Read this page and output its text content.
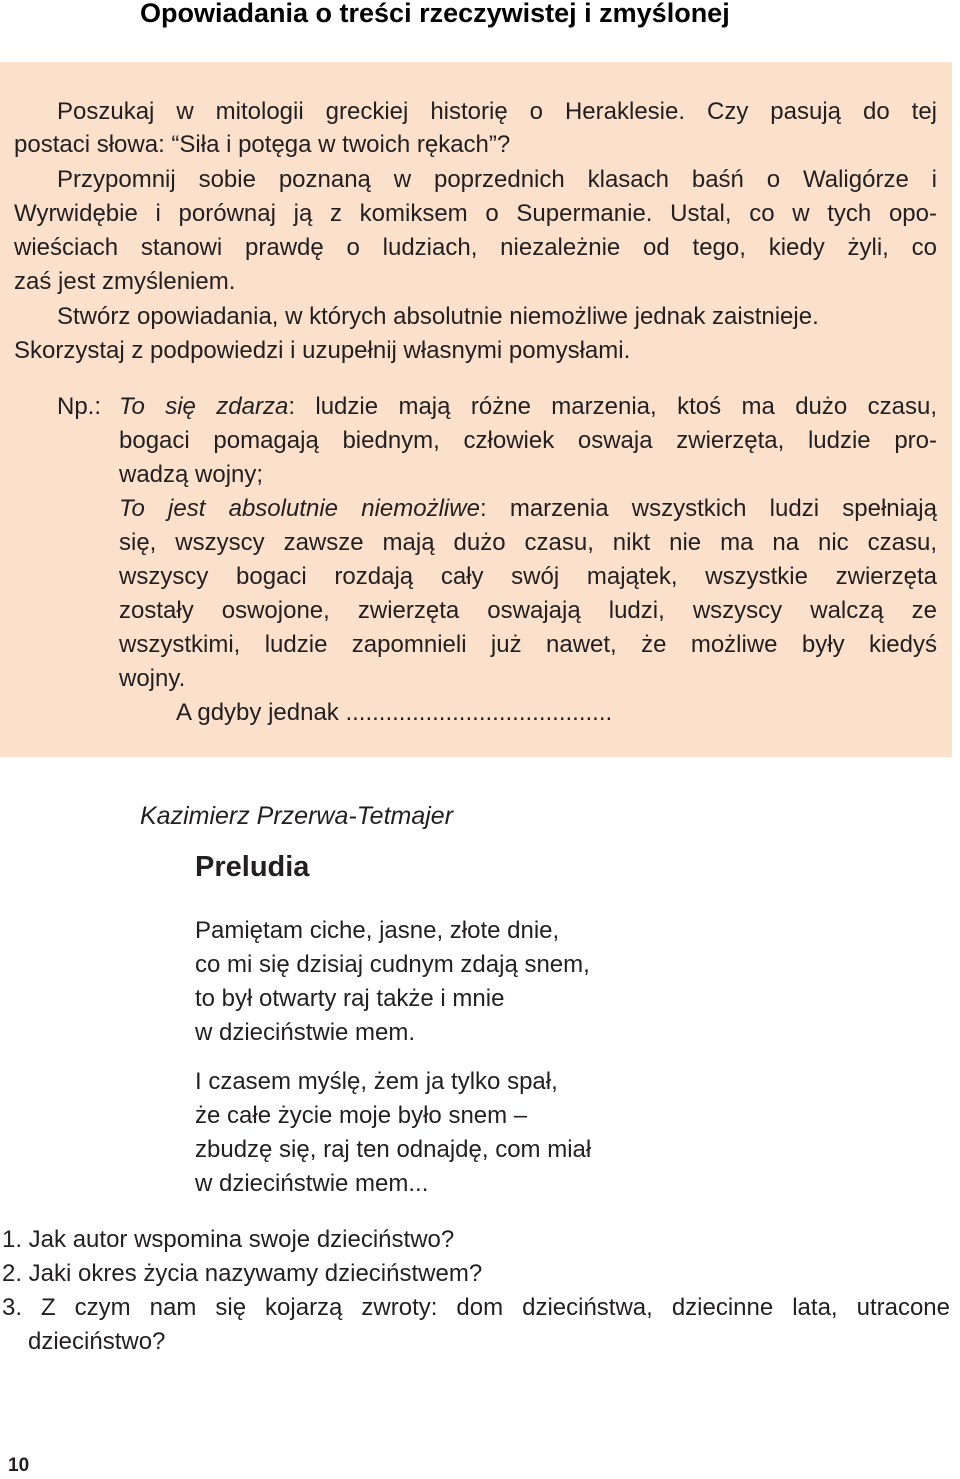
Opowiadania o treści rzeczywistej i zmyślonej
Poszukaj w mitologii greckiej historię o Heraklesie. Czy pasują do tej
postaci słowa: “Siła i potęga w twoich rękach”?
Przypomnij sobie poznaną w poprzednich klasach baśń o Waligórze i
Wyrwidębie i porównaj ją z komiksem o Supermanie. Ustal, co w tych opo-
wieściach stanowi prawdę o ludziach, niezależnie od tego, kiedy żyli, co
zaś jest zmyśleniem.
Stwórz opowiadania, w których absolutnie niemożliwe jednak zaistnieje.
Skorzystaj z podpowiedzi i uzupełnij własnymi pomysłami.
Np.: To się zdarza: ludzie mają różne marzenia, ktoś ma dużo czasu,
bogaci pomagają biednym, człowiek oswaja zwierzęta, ludzie pro-
wadzą wojny;
To jest absolutnie niemożliwe: marzenia wszystkich ludzi spełniają
się, wszyscy zawsze mają dużo czasu, nikt nie ma na nic czasu,
wszyscy bogaci rozdają cały swój majątek, wszystkie zwierzęta
zostały oswojone, zwierzęta oswajają ludzi, wszyscy walczą ze
wszystkimi, ludzie zapomnieli już nawet, że możliwe były kiedyś
wojny.
A gdyby jednak ........................................
Kazimierz Przerwa-Tetmajer
Preludia
Pamiętam ciche, jasne, złote dnie,
co mi się dzisiaj cudnym zdają snem,
to był otwarty raj także i mnie
w dzieciństwie mem.
I czasem myślę, żem ja tylko spał,
że całe życie moje było snem –
zbudzę się, raj ten odnajdę, com miał
w dzieciństwie mem...
1. Jak autor wspomina swoje dzieciństwo?
2. Jaki okres życia nazywamy dzieciństwem?
3. Z czym nam się kojarzą zwroty: dom dzieciństwa, dziecinne lata, utracone
dzieciństwo?
10
